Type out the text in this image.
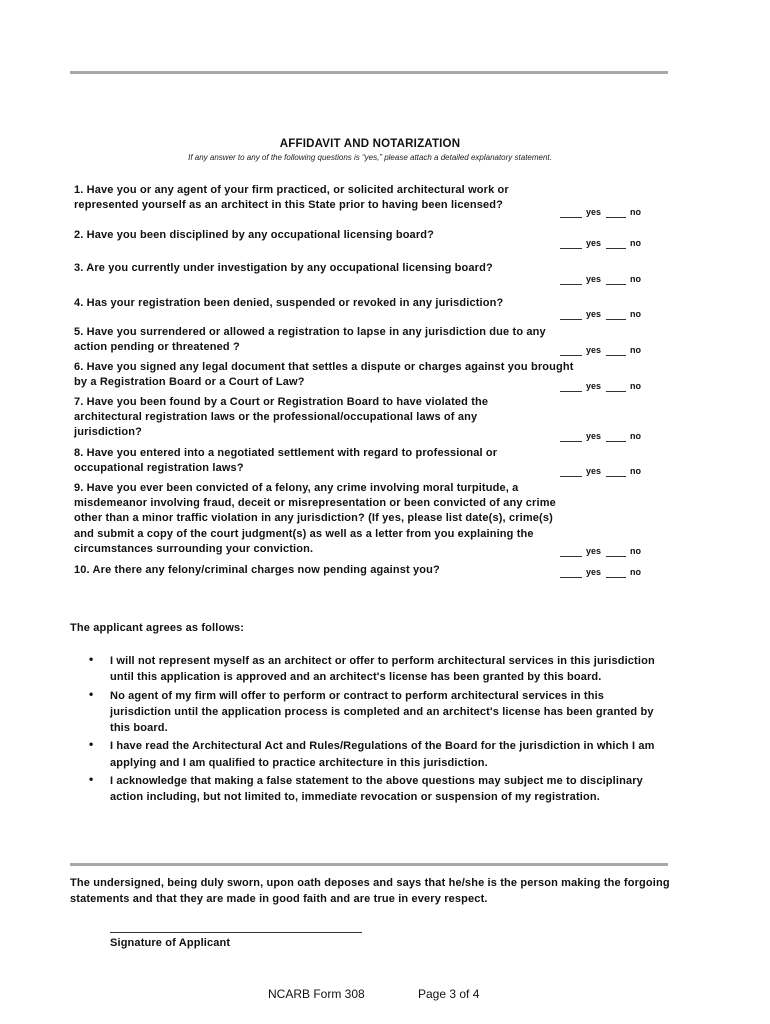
AFFIDAVIT AND NOTARIZATION
If any answer to any of the following questions is “yes,” please attach a detailed explanatory statement.
1. Have you or any agent of your firm practiced, or solicited architectural work or represented yourself as an architect in this State prior to having been licensed?
yes	no
2. Have you been disciplined by any occupational licensing board?
yes	no
3. Are you currently under investigation by any occupational licensing board?
yes	no
4. Has your registration been denied, suspended or revoked in any jurisdiction?
yes	no
5. Have you surrendered or allowed a registration to lapse in any jurisdiction due to any action pending or threatened ?	yes	no
6. Have you signed any legal document that settles a dispute or charges against you brought by a Registration Board or a Court of Law?	yes	no
7. Have you been found by a Court or Registration Board to have violated the architectural registration laws or the professional/occupational laws of any jurisdiction?	yes	no
8. Have you entered into a negotiated settlement with regard to professional or occupational registration laws?	yes	no
9. Have you ever been convicted of a felony, any crime involving moral turpitude, a misdemeanor involving fraud, deceit or misrepresentation or been convicted of any crime other than a minor traffic violation in any jurisdiction? (If yes, please list date(s), crime(s) and submit a copy of the court judgment(s) as well as a letter from you explaining the circumstances surrounding your conviction.	yes	no
10. Are there any felony/criminal charges now pending against you?	yes	no
The applicant agrees as follows:
• I will not represent myself as an architect or offer to perform architectural services in this jurisdiction until this application is approved and an architect's license has been granted by this board.
• No agent of my firm will offer to perform or contract to perform architectural services in this jurisdiction until the application process is completed and an architect's license has been granted by this board.
• I have read the Architectural Act and Rules/Regulations of the Board for the jurisdiction in which I am applying and I am qualified to practice architecture in this jurisdiction.
• I acknowledge that making a false statement to the above questions may subject me to disciplinary action including, but not limited to, immediate revocation or suspension of my registration.
The undersigned, being duly sworn, upon oath deposes and says that he/she is the person making the forgoing statements and that they are made in good faith and are true in every respect.
Signature of Applicant
NCARB Form 308	Page 3 of 4
